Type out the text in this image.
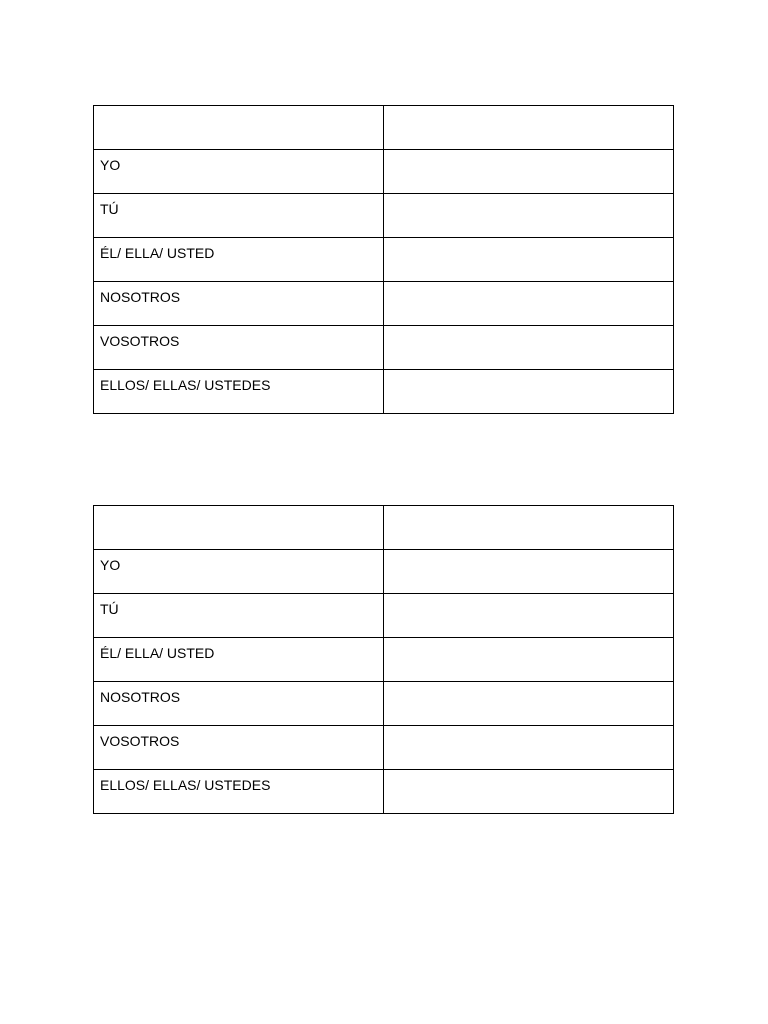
YO	

TÚ	

ÉL/ ELLA/ USTED	

NOSOTROS	

VOSOTROS	

ELLOS/ ELLAS/ USTEDES	

YO	

TÚ	

ÉL/ ELLA/ USTED	

NOSOTROS	

VOSOTROS	

ELLOS/ ELLAS/ USTEDES	
